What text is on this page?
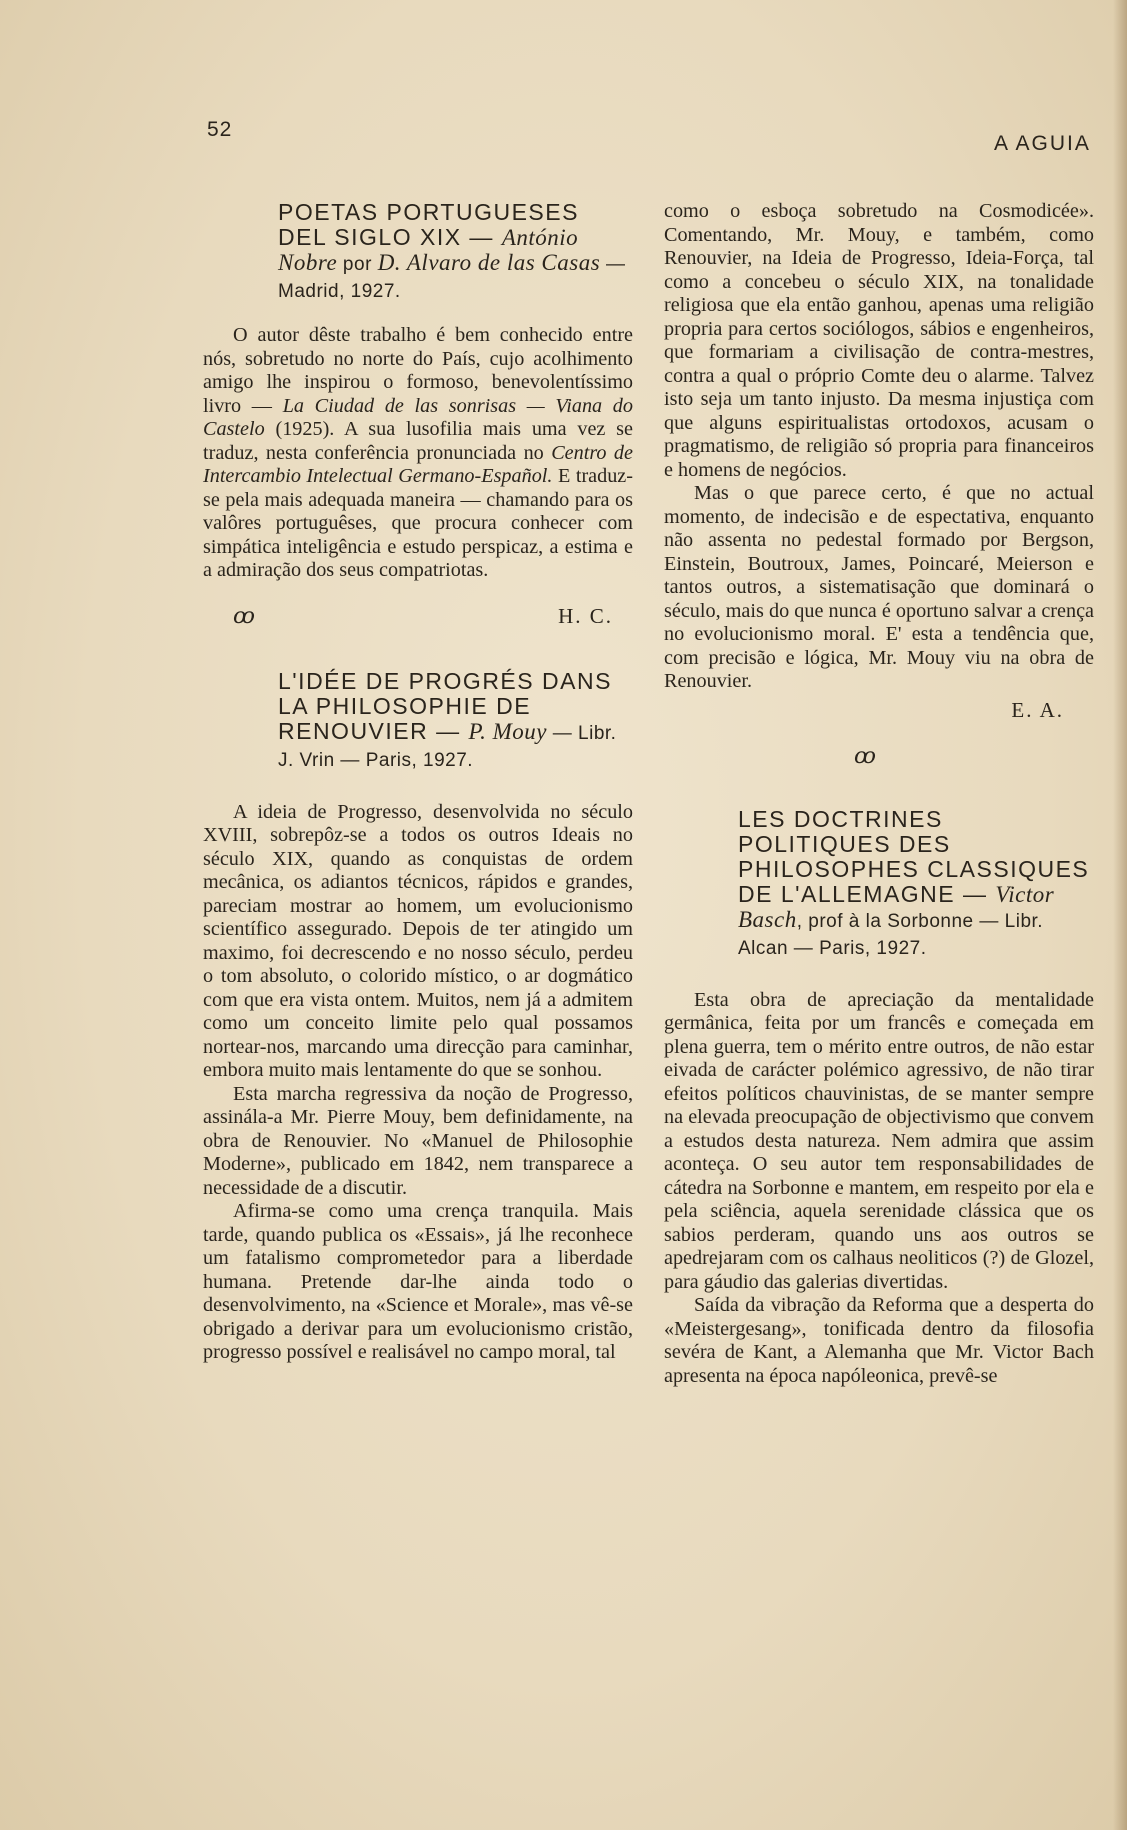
52
A AGUIA
POETAS PORTUGUESES DEL SIGLO XIX — António Nobre por D. Alvaro de las Casas — Madrid, 1927.

O autor dêste trabalho é bem conhecido entre nós, sobretudo no norte do País, cujo acolhimento amigo lhe inspirou o formoso, benevolentíssimo livro — La Ciudad de las sonrisas — Viana do Castelo (1925). A sua lusofilia mais uma vez se traduz, nesta conferência pronunciada no Centro de Intercambio Intelectual Germano-Español. E traduz-se pela mais adequada maneira — chamando para os valôres portuguêses, que procura conhecer com simpática inteligência e estudo perspicaz, a estima e a admiração dos seus compatriotas.

ꝏ	H. C.
L'IDÉE DE PROGRÉS DANS LA PHILOSOPHIE DE RENOUVIER — P. Mouy — Libr. J. Vrin — Paris, 1927.

A ideia de Progresso, desenvolvida no século XVIII, sobrepôz-se a todos os outros Ideais no século XIX, quando as conquistas de ordem mecânica, os adiantos técnicos, rápidos e grandes, pareciam mostrar ao homem, um evolucionismo scientífico assegurado. Depois de ter atingido um maximo, foi decrescendo e no nosso século, perdeu o tom absoluto, o colorido místico, o ar dogmático com que era vista ontem. Muitos, nem já a admitem como um conceito limite pelo qual possamos nortear-nos, marcando uma direcção para caminhar, embora muito mais lentamente do que se sonhou.

Esta marcha regressiva da noção de Progresso, assinála-a Mr. Pierre Mouy, bem definidamente, na obra de Renouvier. No «Manuel de Philosophie Moderne», publicado em 1842, nem transparece a necessidade de a discutir.

Afirma-se como uma crença tranquila. Mais tarde, quando publica os «Essais», já lhe reconhece um fatalismo comprometedor para a liberdade humana. Pretende dar-lhe ainda todo o desenvolvimento, na «Science et Morale», mas vê-se obrigado a derivar para um evolucionismo cristão, progresso possível e realisável no campo moral, tal

como o esboça sobretudo na Cosmodicée». Comentando, Mr. Mouy, e também, como Renouvier, na Ideia de Progresso, Ideia-Força, tal como a concebeu o século XIX, na tonalidade religiosa que ela então ganhou, apenas uma religião propria para certos sociólogos, sábios e engenheiros, que formariam a civilisação de contra-mestres, contra a qual o próprio Comte deu o alarme. Talvez isto seja um tanto injusto. Da mesma injustiça com que alguns espiritualistas ortodoxos, acusam o pragmatismo, de religião só propria para financeiros e homens de negócios.

Mas o que parece certo, é que no actual momento, de indecisão e de espectativa, enquanto não assenta no pedestal formado por Bergson, Einstein, Boutroux, James, Poincaré, Meierson e tantos outros, a sistematisação que dominará o século, mais do que nunca é oportuno salvar a crença no evolucionismo moral. E' esta a tendência que, com precisão e lógica, Mr. Mouy viu na obra de Renouvier.

E. A.
ꝏ
LES DOCTRINES POLITIQUES DES PHILOSOPHES CLASSIQUES DE L'ALLEMAGNE — Victor Basch, prof à la Sorbonne — Libr. Alcan — Paris, 1927.

Esta obra de apreciação da mentalidade germânica, feita por um francês e começada em plena guerra, tem o mérito entre outros, de não estar eivada de carácter polémico agressivo, de não tirar efeitos políticos chauvinistas, de se manter sempre na elevada preocupação de objectivismo que convem a estudos desta natureza. Nem admira que assim aconteça. O seu autor tem responsabilidades de cátedra na Sorbonne e mantem, em respeito por ela e pela sciência, aquela serenidade clássica que os sabios perderam, quando uns aos outros se apedrejaram com os calhaus neoliticos (?) de Glozel, para gáudio das galerias divertidas.

Saída da vibração da Reforma que a desperta do «Meistergesang», tonificada dentro da filosofia sevéra de Kant, a Alemanha que Mr. Victor Bach apresenta na época napóleonica, prevê-se
